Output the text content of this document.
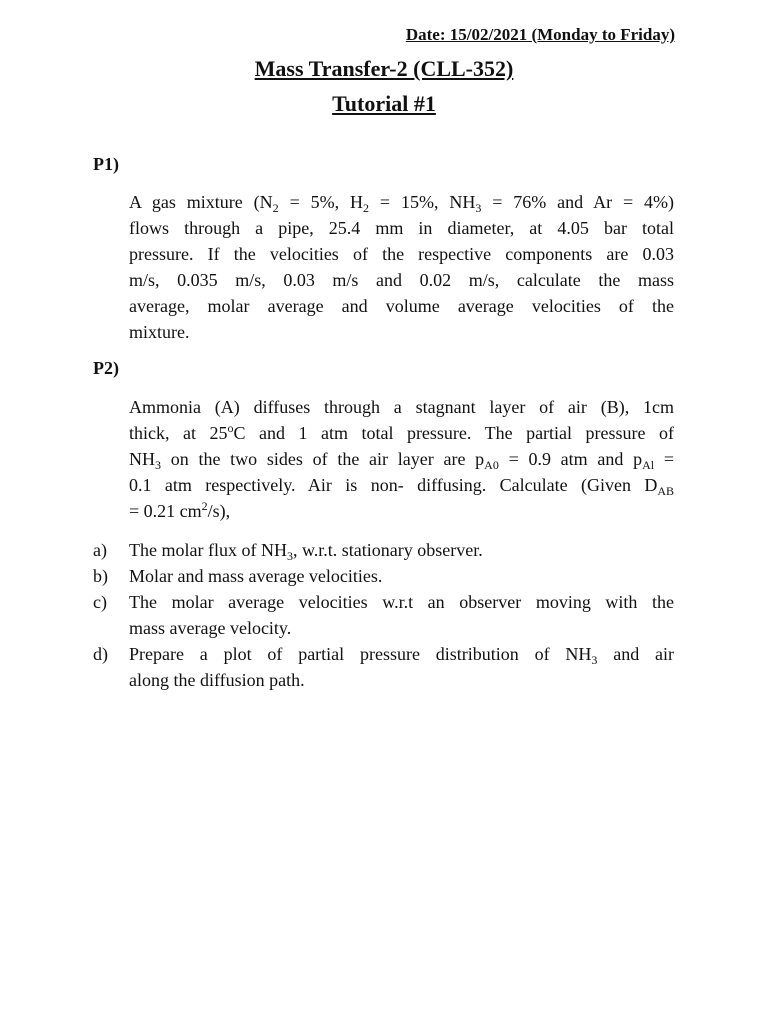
Date: 15/02/2021 (Monday to Friday)
Mass Transfer-2 (CLL-352)
Tutorial #1
P1)
A gas mixture ($N_2 = 5\%$, $H_2 = 15\%$, $NH_3 = 76\%$ and Ar = 4%)
flows through a pipe, 25.4 mm in diameter, at 4.05 bar total
pressure. If the velocities of the respective components are 0.03
m/s, 0.035 m/s, 0.03 m/s and 0.02 m/s, calculate the mass
average, molar average and volume average velocities of the
mixture.
P2)
Ammonia (A) diffuses through a stagnant layer of air (B), 1cm
thick, at 25$^o$C and 1 atm total pressure. The partial pressure of
$NH_3$ on the two sides of the air layer are $p_{A0} = 0.9$ atm and $p_{Al}$ =
0.1 atm respectively. Air is non- diffusing. Calculate (Given $D_{AB}$
= 0.21 $cm^2/s$),
a) The molar flux of $NH_3$, w.r.t. stationary observer.
b) Molar and mass average velocities.
c) The molar average velocities w.r.t an observer moving with the
mass average velocity.
d) Prepare a plot of partial pressure distribution of $NH_3$ and air
along the diffusion path.
